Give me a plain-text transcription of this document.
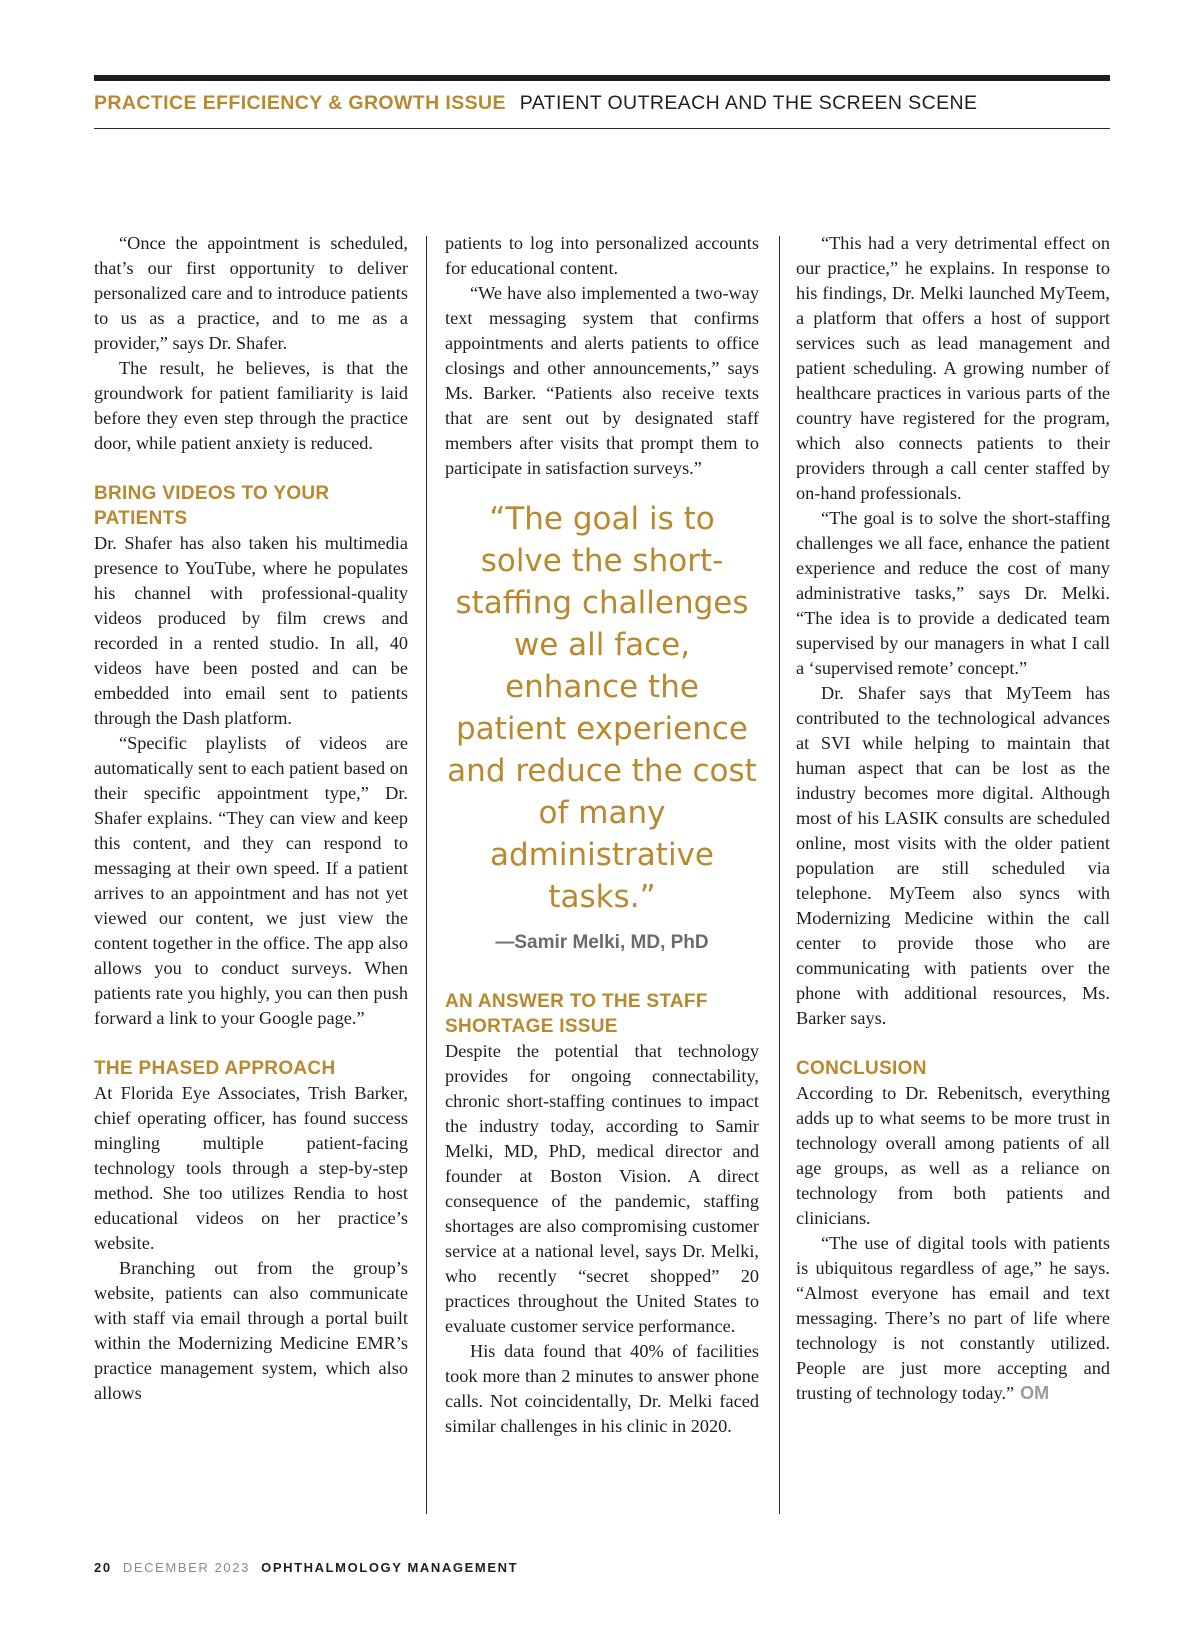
PRACTICE EFFICIENCY & GROWTH ISSUE PATIENT OUTREACH AND THE SCREEN SCENE

“Once the appointment is scheduled, that’s our first opportunity to deliver personalized care and to introduce patients to us as a practice, and to me as a provider,” says Dr. Shafer.

The result, he believes, is that the groundwork for patient familiarity is laid before they even step through the practice door, while patient anxiety is reduced.

BRING VIDEOS TO YOUR PATIENTS

Dr. Shafer has also taken his multimedia presence to YouTube, where he populates his channel with professional-quality videos produced by film crews and recorded in a rented studio. In all, 40 videos have been posted and can be embedded into email sent to patients through the Dash platform.

“Specific playlists of videos are automatically sent to each patient based on their specific appointment type,” Dr. Shafer explains. “They can view and keep this content, and they can respond to messaging at their own speed. If a patient arrives to an appointment and has not yet viewed our content, we just view the content together in the office. The app also allows you to conduct surveys. When patients rate you highly, you can then push forward a link to your Google page.”

THE PHASED APPROACH

At Florida Eye Associates, Trish Barker, chief operating officer, has found success mingling multiple patient-facing technology tools through a step-by-step method. She too utilizes Rendia to host educational videos on her practice’s website.

Branching out from the group’s website, patients can also communicate with staff via email through a portal built within the Modernizing Medicine EMR’s practice management system, which also allows

patients to log into personalized accounts for educational content.

“We have also implemented a two-way text messaging system that confirms appointments and alerts patients to office closings and other announcements,” says Ms. Barker. “Patients also receive texts that are sent out by designated staff members after visits that prompt them to participate in satisfaction surveys.”

“The goal is to solve the short-staffing challenges we all face, enhance the patient experience and reduce the cost of many administrative tasks.”
—Samir Melki, MD, PhD
AN ANSWER TO THE STAFF SHORTAGE ISSUE

Despite the potential that technology provides for ongoing connectability, chronic short-staffing continues to impact the industry today, according to Samir Melki, MD, PhD, medical director and founder at Boston Vision. A direct consequence of the pandemic, staffing shortages are also compromising customer service at a national level, says Dr. Melki, who recently “secret shopped” 20 practices throughout the United States to evaluate customer service performance.

His data found that 40% of facilities took more than 2 minutes to answer phone calls. Not coincidentally, Dr. Melki faced similar challenges in his clinic in 2020.

“This had a very detrimental effect on our practice,” he explains. In response to his findings, Dr. Melki launched MyTeem, a platform that offers a host of support services such as lead management and patient scheduling. A growing number of healthcare practices in various parts of the country have registered for the program, which also connects patients to their providers through a call center staffed by on-hand professionals.

“The goal is to solve the short-staffing challenges we all face, enhance the patient experience and reduce the cost of many administrative tasks,” says Dr. Melki. “The idea is to provide a dedicated team supervised by our managers in what I call a ‘supervised remote’ concept.”

Dr. Shafer says that MyTeem has contributed to the technological advances at SVI while helping to maintain that human aspect that can be lost as the industry becomes more digital. Although most of his LASIK consults are scheduled online, most visits with the older patient population are still scheduled via telephone. MyTeem also syncs with Modernizing Medicine within the call center to provide those who are communicating with patients over the phone with additional resources, Ms. Barker says.

CONCLUSION

According to Dr. Rebenitsch, everything adds up to what seems to be more trust in technology overall among patients of all age groups, as well as a reliance on technology from both patients and clinicians.

“The use of digital tools with patients is ubiquitous regardless of age,” he says. “Almost everyone has email and text messaging. There’s no part of life where technology is not constantly utilized. People are just more accepting and trusting of technology today.” OM

20 DECEMBER 2023 OPHTHALMOLOGY MANAGEMENT
